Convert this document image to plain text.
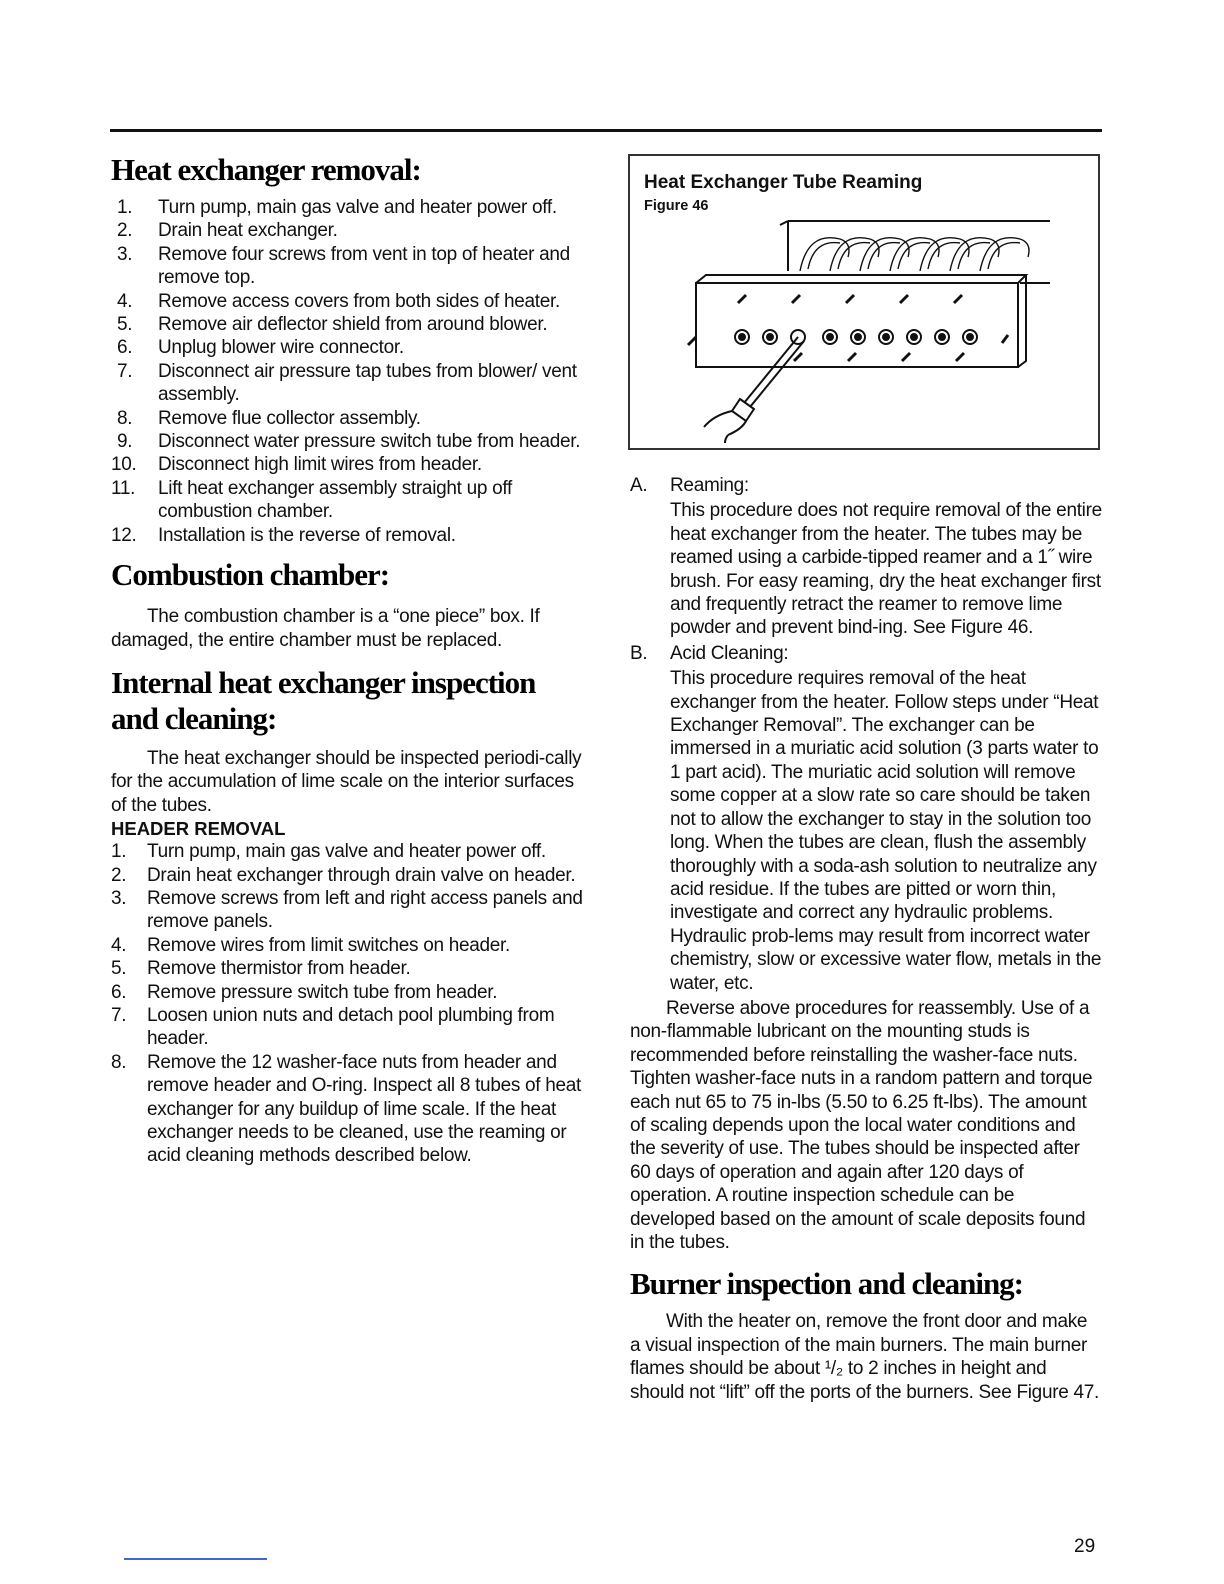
Heat exchanger removal:
1.	Turn pump, main gas valve and heater power off.
2.	Drain heat exchanger.
3.	Remove four screws from vent in top of heater and remove top.
4.	Remove access covers from both sides of heater.
5.	Remove air deflector shield from around blower.
6.	Unplug blower wire connector.
7.	Disconnect air pressure tap tubes from blower/ vent assembly.
8.	Remove flue collector assembly.
9.	Disconnect water pressure switch tube from header.
10.	Disconnect high limit wires from header.
11.	Lift heat exchanger assembly straight up off combustion chamber.
12.	Installation is the reverse of removal.
Combustion chamber:

The combustion chamber is a “one piece” box. If damaged, the entire chamber must be replaced.

Internal heat exchanger inspection and cleaning:

The heat exchanger should be inspected periodi-cally for the accumulation of lime scale on the interior surfaces of the tubes.

HEADER REMOVAL
1.	Turn pump, main gas valve and heater power off.
2.	Drain heat exchanger through drain valve on header.
3.	Remove screws from left and right access panels and remove panels.
4.	Remove wires from limit switches on header.
5.	Remove thermistor from header.
6.	Remove pressure switch tube from header.
7.	Loosen union nuts and detach pool plumbing from header.
8.	Remove the 12 washer-face nuts from header and remove header and O-ring. Inspect all 8 tubes of heat exchanger for any buildup of lime scale. If the heat exchanger needs to be cleaned, use the reaming or acid cleaning methods described below.
Heat Exchanger Tube Reaming
Figure 46
A.	Reaming:
This procedure does not require removal of the entire heat exchanger from the heater. The tubes may be reamed using a carbide-tipped reamer and a 1˝ wire brush. For easy reaming, dry the heat exchanger first and frequently retract the reamer to remove lime powder and prevent bind-ing. See Figure 46.
B.	Acid Cleaning:
This procedure requires removal of the heat exchanger from the heater. Follow steps under “Heat Exchanger Removal”. The exchanger can be immersed in a muriatic acid solution (3 parts water to 1 part acid). The muriatic acid solution will remove some copper at a slow rate so care should be taken not to allow the exchanger to stay in the solution too long. When the tubes are clean, flush the assembly thoroughly with a soda-ash solution to neutralize any acid residue. If the tubes are pitted or worn thin, investigate and correct any hydraulic problems. Hydraulic prob-lems may result from incorrect water chemistry, slow or excessive water flow, metals in the water, etc.

Reverse above procedures for reassembly. Use of a non-flammable lubricant on the mounting studs is recommended before reinstalling the washer-face nuts. Tighten washer-face nuts in a random pattern and torque each nut 65 to 75 in-lbs (5.50 to 6.25 ft-lbs). The amount of scaling depends upon the local water conditions and the severity of use. The tubes should be inspected after 60 days of operation and again after 120 days of operation. A routine inspection schedule can be developed based on the amount of scale deposits found in the tubes.

Burner inspection and cleaning:

With the heater on, remove the front door and make a visual inspection of the main burners. The main burner flames should be about ¹/₂ to 2 inches in height and should not “lift” off the ports of the burners. See Figure 47.

29
